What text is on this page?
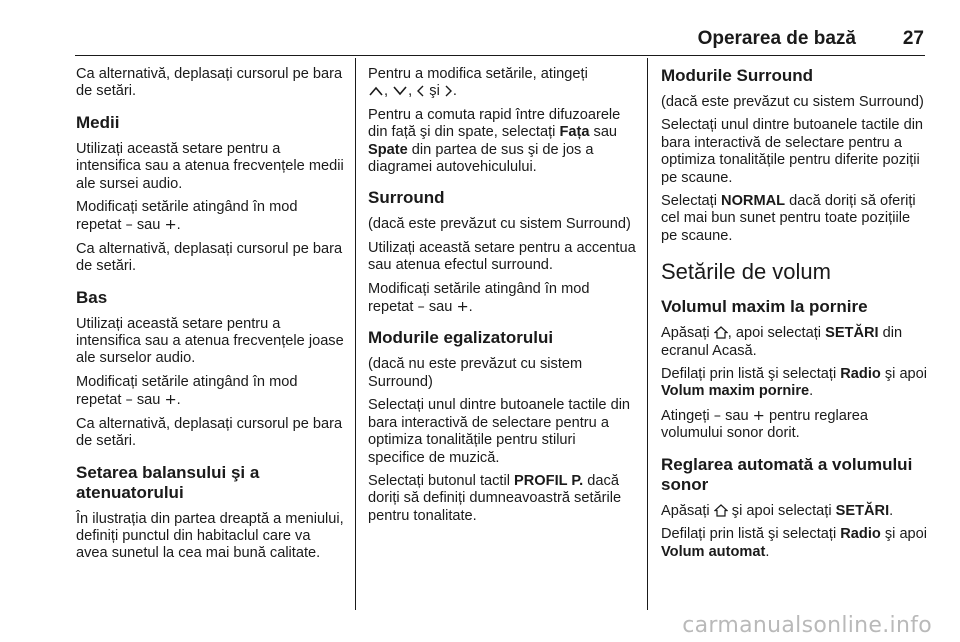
Operarea de bază 27

Ca alternativă, deplasați cursorul pe bara de setări.

Medii

Utilizați această setare pentru a intensifica sau a atenua frecvențele medii ale sursei audio.

Modificați setările atingând în mod repetat – sau +.

Ca alternativă, deplasați cursorul pe bara de setări.

Bas

Utilizați această setare pentru a intensifica sau a atenua frecvențele joase ale surselor audio.

Modificați setările atingând în mod repetat – sau +.

Ca alternativă, deplasați cursorul pe bara de setări.

Setarea balansului şi a atenuatorului

În ilustrația din partea dreaptă a meniului, definiți punctul din habitaclul care va avea sunetul la cea mai bună calitate.

Pentru a modifica setările, atingeți
, ,  şi .

Pentru a comuta rapid între difuzoarele din față şi din spate, selectați Fața sau Spate din partea de sus şi de jos a diagramei autovehiculului.

Surround

(dacă este prevăzut cu sistem Surround)

Utilizați această setare pentru a accentua sau atenua efectul surround.

Modificați setările atingând în mod repetat – sau +.

Modurile egalizatorului

(dacă nu este prevăzut cu sistem Surround)

Selectați unul dintre butoanele tactile din bara interactivă de selectare pentru a optimiza tonalitățile pentru stiluri specifice de muzică.

Selectați butonul tactil PROFIL P. dacă doriți să definiți dumneavoastră setările pentru tonalitate.

Modurile Surround

(dacă este prevăzut cu sistem Surround)

Selectați unul dintre butoanele tactile din bara interactivă de selectare pentru a optimiza tonalitățile pentru diferite poziții pe scaune.

Selectați NORMAL dacă doriți să oferiți cel mai bun sunet pentru toate pozițiile pe scaune.

Setările de volum
Volumul maxim la pornire

Apăsați , apoi selectați SETĂRI din ecranul Acasă.

Defilați prin listă şi selectați Radio şi apoi Volum maxim pornire.

Atingeți – sau + pentru reglarea volumului sonor dorit.

Reglarea automată a volumului sonor

Apăsați  şi apoi selectați SETĂRI.

Defilați prin listă şi selectați Radio şi apoi Volum automat.

carmanualsonline.info
